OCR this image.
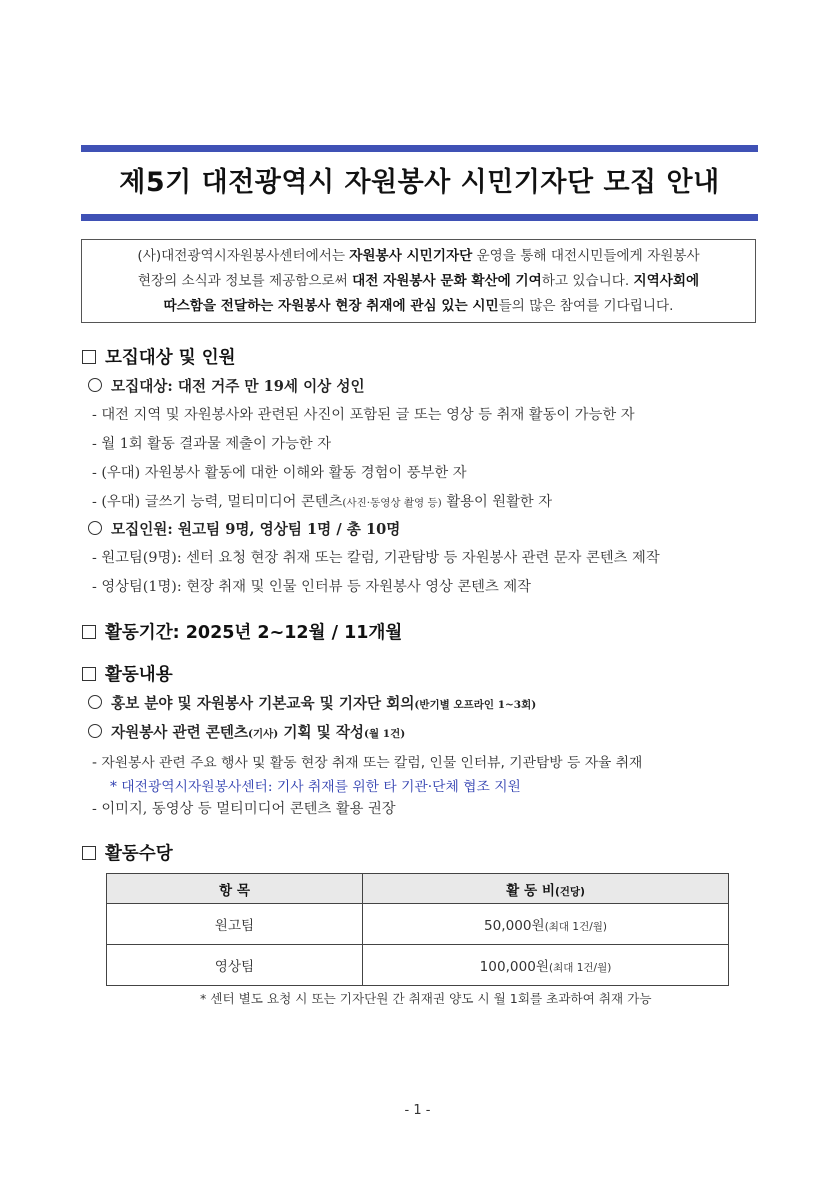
제5기 대전광역시 자원봉사 시민기자단 모집 안내
(사)대전광역시자원봉사센터에서는 자원봉사 시민기자단 운영을 통해 대전시민들에게 자원봉사
현장의 소식과 정보를 제공함으로써 대전 자원봉사 문화 확산에 기여하고 있습니다. 지역사회에
따스함을 전달하는 자원봉사 현장 취재에 관심 있는 시민들의 많은 참여를 기다립니다.
모집대상 및 인원
모집대상: 대전 거주 만 19세 이상 성인
- 대전 지역 및 자원봉사와 관련된 사진이 포함된 글 또는 영상 등 취재 활동이 가능한 자
- 월 1회 활동 결과물 제출이 가능한 자
- (우대) 자원봉사 활동에 대한 이해와 활동 경험이 풍부한 자
- (우대) 글쓰기 능력, 멀티미디어 콘텐츠(사진·동영상 촬영 등) 활용이 원활한 자
모집인원: 원고팀 9명, 영상팀 1명 / 총 10명
- 원고팀(9명): 센터 요청 현장 취재 또는 칼럼, 기관탐방 등 자원봉사 관련 문자 콘텐츠 제작
- 영상팀(1명): 현장 취재 및 인물 인터뷰 등 자원봉사 영상 콘텐츠 제작
활동기간: 2025년 2~12월 / 11개월
활동내용
홍보 분야 및 자원봉사 기본교육 및 기자단 회의(반기별 오프라인 1~3회)
자원봉사 관련 콘텐츠(기사) 기획 및 작성(월 1건)
- 자원봉사 관련 주요 행사 및 활동 현장 취재 또는 칼럼, 인물 인터뷰, 기관탐방 등 자율 취재
* 대전광역시자원봉사센터: 기사 취재를 위한 타 기관·단체 협조 지원
- 이미지, 동영상 등 멀티미디어 콘텐츠 활용 권장
활동수당
항 목	활 동 비(건당)
원고팀	50,000원(최대 1건/월)
영상팀	100,000원(최대 1건/월)
* 센터 별도 요청 시 또는 기자단원 간 취재권 양도 시 월 1회를 초과하여 취재 가능
- 1 -
